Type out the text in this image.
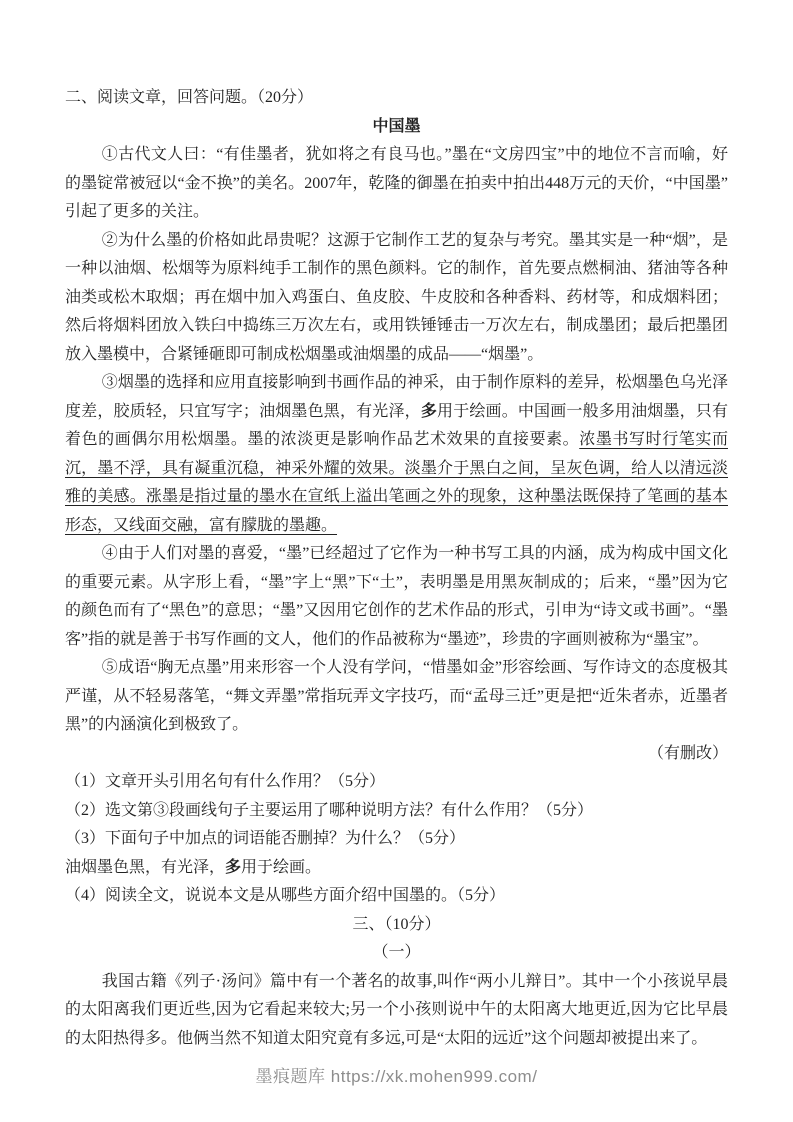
二、阅读文章，回答问题。（20分）

中国墨

①古代文人曰：“有佳墨者，犹如将之有良马也。”墨在“文房四宝”中的地位不言而喻，好的墨锭常被冠以“金不换”的美名。2007年，乾隆的御墨在拍卖中拍出448万元的天价，“中国墨”引起了更多的关注。

②为什么墨的价格如此昂贵呢？这源于它制作工艺的复杂与考究。墨其实是一种“烟”，是一种以油烟、松烟等为原料纯手工制作的黑色颜料。它的制作，首先要点燃桐油、猪油等各种油类或松木取烟；再在烟中加入鸡蛋白、鱼皮胶、牛皮胶和各种香料、药材等，和成烟料团；然后将烟料团放入铁臼中捣练三万次左右，或用铁锤锤击一万次左右，制成墨团；最后把墨团放入墨模中，合紧锤砸即可制成松烟墨或油烟墨的成品——“烟墨”。

③烟墨的选择和应用直接影响到书画作品的神采，由于制作原料的差异，松烟墨色乌光泽度差，胶质轻，只宜写字；油烟墨色黑，有光泽，多用于绘画。中国画一般多用油烟墨，只有着色的画偶尔用松烟墨。墨的浓淡更是影响作品艺术效果的直接要素。浓墨书写时行笔实而沉，墨不浮，具有凝重沉稳，神采外耀的效果。淡墨介于黑白之间，呈灰色调，给人以清远淡雅的美感。涨墨是指过量的墨水在宣纸上溢出笔画之外的现象，这种墨法既保持了笔画的基本形态，又线面交融，富有朦胧的墨趣。

④由于人们对墨的喜爱，“墨”已经超过了它作为一种书写工具的内涵，成为构成中国文化的重要元素。从字形上看，“墨”字上“黑”下“土”，表明墨是用黑灰制成的；后来，“墨”因为它的颜色而有了“黑色”的意思；“墨”又因用它创作的艺术作品的形式，引申为“诗文或书画”。“墨客”指的就是善于书写作画的文人，他们的作品被称为“墨迹”，珍贵的字画则被称为“墨宝”。

⑤成语“胸无点墨”用来形容一个人没有学问，“惜墨如金”形容绘画、写作诗文的态度极其严谨，从不轻易落笔，“舞文弄墨”常指玩弄文字技巧，而“孟母三迁”更是把“近朱者赤，近墨者黑”的内涵演化到极致了。

（有删改）

（1）文章开头引用名句有什么作用？（5分）

（2）选文第③段画线句子主要运用了哪种说明方法？有什么作用？（5分）

（3）下面句子中加点的词语能否删掉？为什么？（5分）

油烟墨色黑，有光泽，多用于绘画。

（4）阅读全文，说说本文是从哪些方面介绍中国墨的。（5分）

三、（10分）

（一）

我国古籍《列子·汤问》篇中有一个著名的故事,叫作“两小儿辩日”。其中一个小孩说早晨的太阳离我们更近些,因为它看起来较大;另一个小孩则说中午的太阳离大地更近,因为它比早晨的太阳热得多。他俩当然不知道太阳究竟有多远,可是“太阳的远近”这个问题却被提出来了。

墨痕题库 https://xk.mohen999.com/
